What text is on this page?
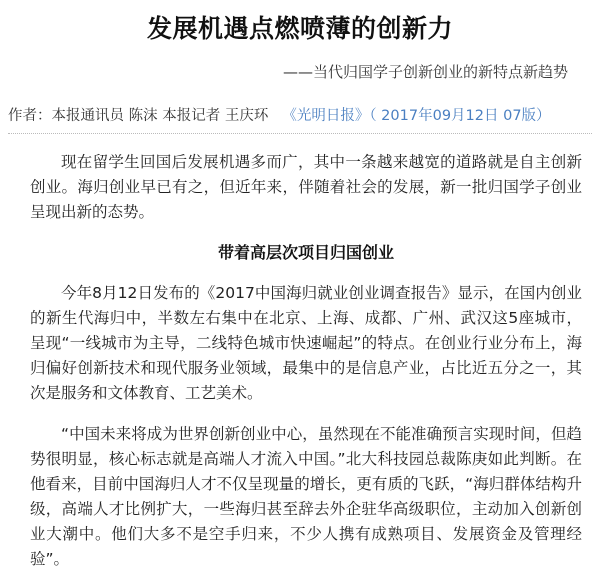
发展机遇点燃喷薄的创新力
——当代归国学子创新创业的新特点新趋势
作者：本报通讯员 陈沫 本报记者 王庆环 《光明日报》（ 2017年09月12日 07版）

现在留学生回国后发展机遇多而广，其中一条越来越宽的道路就是自主创新创业。海归创业早已有之，但近年来，伴随着社会的发展，新一批归国学子创业呈现出新的态势。

带着高层次项目归国创业

今年8月12日发布的《2017中国海归就业创业调查报告》显示，在国内创业的新生代海归中，半数左右集中在北京、上海、成都、广州、武汉这5座城市，呈现“一线城市为主导，二线特色城市快速崛起”的特点。在创业行业分布上，海归偏好创新技术和现代服务业领域，最集中的是信息产业，占比近五分之一，其次是服务和文体教育、工艺美术。

“中国未来将成为世界创新创业中心，虽然现在不能准确预言实现时间，但趋势很明显，核心标志就是高端人才流入中国。”北大科技园总裁陈庚如此判断。在他看来，目前中国海归人才不仅呈现量的增长，更有质的飞跃，“海归群体结构升级，高端人才比例扩大，一些海归甚至辞去外企驻华高级职位，主动加入创新创业大潮中。他们大多不是空手归来，不少人携有成熟项目、发展资金及管理经验”。
